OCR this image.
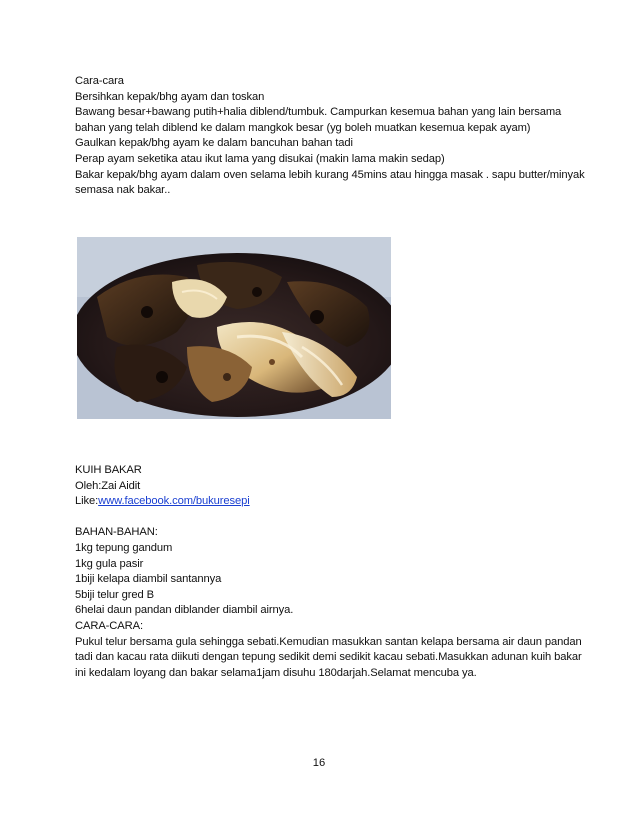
Cara-cara
Bersihkan kepak/bhg ayam dan toskan
Bawang besar+bawang putih+halia diblend/tumbuk. Campurkan kesemua bahan yang lain bersama
bahan yang telah diblend ke dalam mangkok besar (yg boleh muatkan kesemua kepak ayam)
Gaulkan kepak/bhg ayam ke dalam bancuhan bahan tadi
Perap ayam seketika atau ikut lama yang disukai (makin lama makin sedap)
Bakar kepak/bhg ayam dalam oven selama lebih kurang 45mins atau hingga masak . sapu butter/minyak
semasa nak bakar..
KUIH BAKAR
Oleh:Zai Aidit
Like:www.facebook.com/bukuresepi
BAHAN-BAHAN:
1kg tepung gandum
1kg gula pasir
1biji kelapa diambil santannya
5biji telur gred B
6helai daun pandan diblander diambil airnya.
CARA-CARA:
Pukul telur bersama gula sehingga sebati.Kemudian masukkan santan kelapa bersama air daun pandan
tadi dan kacau rata diikuti dengan tepung sedikit demi sedikit kacau sebati.Masukkan adunan kuih bakar
ini kedalam loyang dan bakar selama1jam disuhu 180darjah.Selamat mencuba ya.
16
